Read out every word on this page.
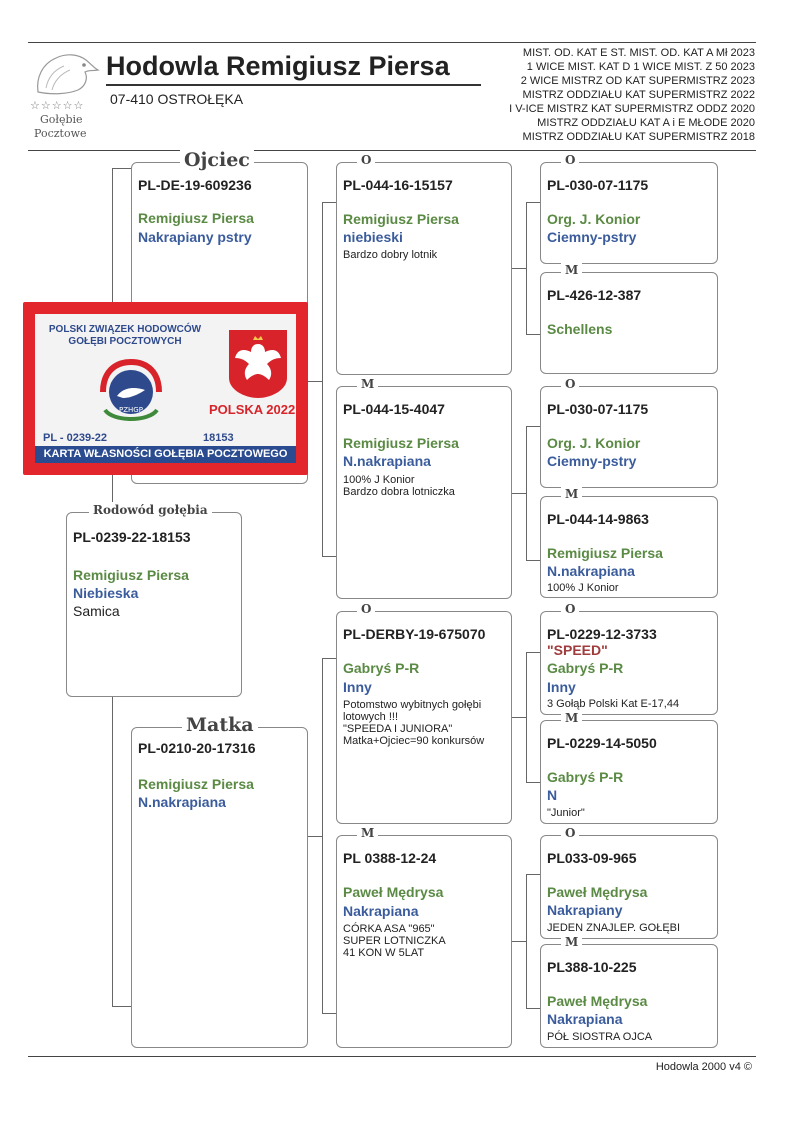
☆☆☆☆☆
Gołębie
Pocztowe
Hodowla Remigiusz Piersa
07-410 OSTROŁĘKA
MIST. OD. KAT E ST. MIST. OD. KAT A Mł 2023
1 WICE MIST. KAT D 1 WICE MIST. Z 50 2023
2 WICE MISTRZ OD KAT SUPERMISTRZ 2023
MISTRZ ODDZIAŁU KAT SUPERMISTRZ 2022
I V-ICE MISTRZ KAT SUPERMISTRZ ODDZ 2020
MISTRZ ODDZIAŁU KAT A i E MŁODE 2020
MISTRZ ODDZIAŁU KAT SUPERMISTRZ 2018
Rodowód gołębia
PL-0239-22-18153
Remigiusz Piersa
Niebieska
Samica
Ojciec
PL-DE-19-609236
Remigiusz Piersa
Nakrapiany pstry
Matka
PL-0210-20-17316
Remigiusz Piersa
N.nakrapiana
O
PL-044-16-15157
Remigiusz Piersa
niebieski
Bardzo dobry lotnik
M
PL-044-15-4047
Remigiusz Piersa
N.nakrapiana
100% J Konior
Bardzo dobra lotniczka
O
PL-DERBY-19-675070
Gabryś P-R
Inny
Potomstwo wybitnych gołębi
lotowych !!!
"SPEEDA I JUNIORA"
Matka+Ojciec=90 konkursów
M
PL 0388-12-24
Paweł Mędrysa
Nakrapiana
CÓRKA ASA "965"
SUPER LOTNICZKA
41 KON W 5LAT
O
PL-030-07-1175
Org. J. Konior
Ciemny-pstry
M
PL-426-12-387
Schellens
O
PL-030-07-1175
Org. J. Konior
Ciemny-pstry
M
PL-044-14-9863
Remigiusz Piersa
N.nakrapiana
100% J Konior
O
PL-0229-12-3733
"SPEED"
Gabryś P-R
Inny
3 Gołąb Polski Kat E-17,44
M
PL-0229-14-5050
Gabryś P-R
N
"Junior"
O
PL033-09-965
Paweł Mędrysa
Nakrapiany
JEDEN ZNAJLEP. GOŁĘBI
M
PL388-10-225
Paweł Mędrysa
Nakrapiana
PÓŁ SIOSTRA OJCA
POLSKI ZWIĄZEK HODOWCÓW
GOŁĘBI POCZTOWYCH
PZHGP	POLSKA 2022
PL - 0239-22	18153
KARTA WŁASNOŚCI GOŁĘBIA POCZTOWEGO
Hodowla 2000 v4 ©
